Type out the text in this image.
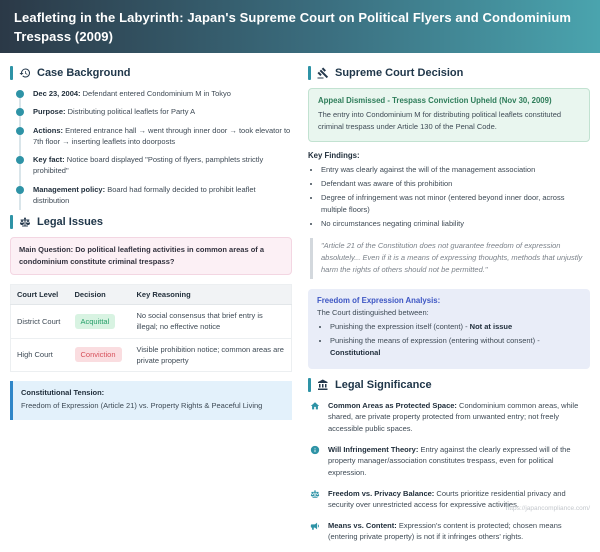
Leafleting in the Labyrinth: Japan's Supreme Court on Political Flyers and Condominium Trespass (2009)
Case Background
Dec 23, 2004: Defendant entered Condominium M in Tokyo
Purpose: Distributing political leaflets for Party A
Actions: Entered entrance hall → went through inner door → took elevator to 7th floor → inserting leaflets into doorposts
Key fact: Notice board displayed "Posting of flyers, pamphlets strictly prohibited"
Management policy: Board had formally decided to prohibit leaflet distribution
Legal Issues
Main Question: Do political leafleting activities in common areas of a condominium constitute criminal trespass?
Court Level	Decision	Key Reasoning
District Court	Acquittal	No social consensus that brief entry is illegal; no effective notice
High Court	Conviction	Visible prohibition notice; common areas are private property
Constitutional Tension:
Freedom of Expression (Article 21) vs. Property Rights & Peaceful Living
Supreme Court Decision
Appeal Dismissed - Trespass Conviction Upheld (Nov 30, 2009)
The entry into Condominium M for distributing political leaflets constituted criminal trespass under Article 130 of the Penal Code.
Key Findings:
• Entry was clearly against the will of the management association
• Defendant was aware of this prohibition
• Degree of infringement was not minor (entered beyond inner door, across multiple floors)
• No circumstances negating criminal liability
"Article 21 of the Constitution does not guarantee freedom of expression absolutely... Even if it is a means of expressing thoughts, methods that unjustly harm the rights of others should not be permitted."
Freedom of Expression Analysis:
The Court distinguished between:
• Punishing the expression itself (content) - Not at issue
• Punishing the means of expression (entering without consent) - Constitutional
Legal Significance
Common Areas as Protected Space: Condominium common areas, while shared, are private property protected from unwanted entry; not freely accessible public spaces.
Will Infringement Theory: Entry against the clearly expressed will of the property manager/association constitutes trespass, even for political expression.
Freedom vs. Privacy Balance: Courts prioritize residential privacy and security over unrestricted access for expressive activities.
Means vs. Content: Expression's content is protected; chosen means (entering private property) is not if it infringes others' rights.
https://japancompliance.com/
